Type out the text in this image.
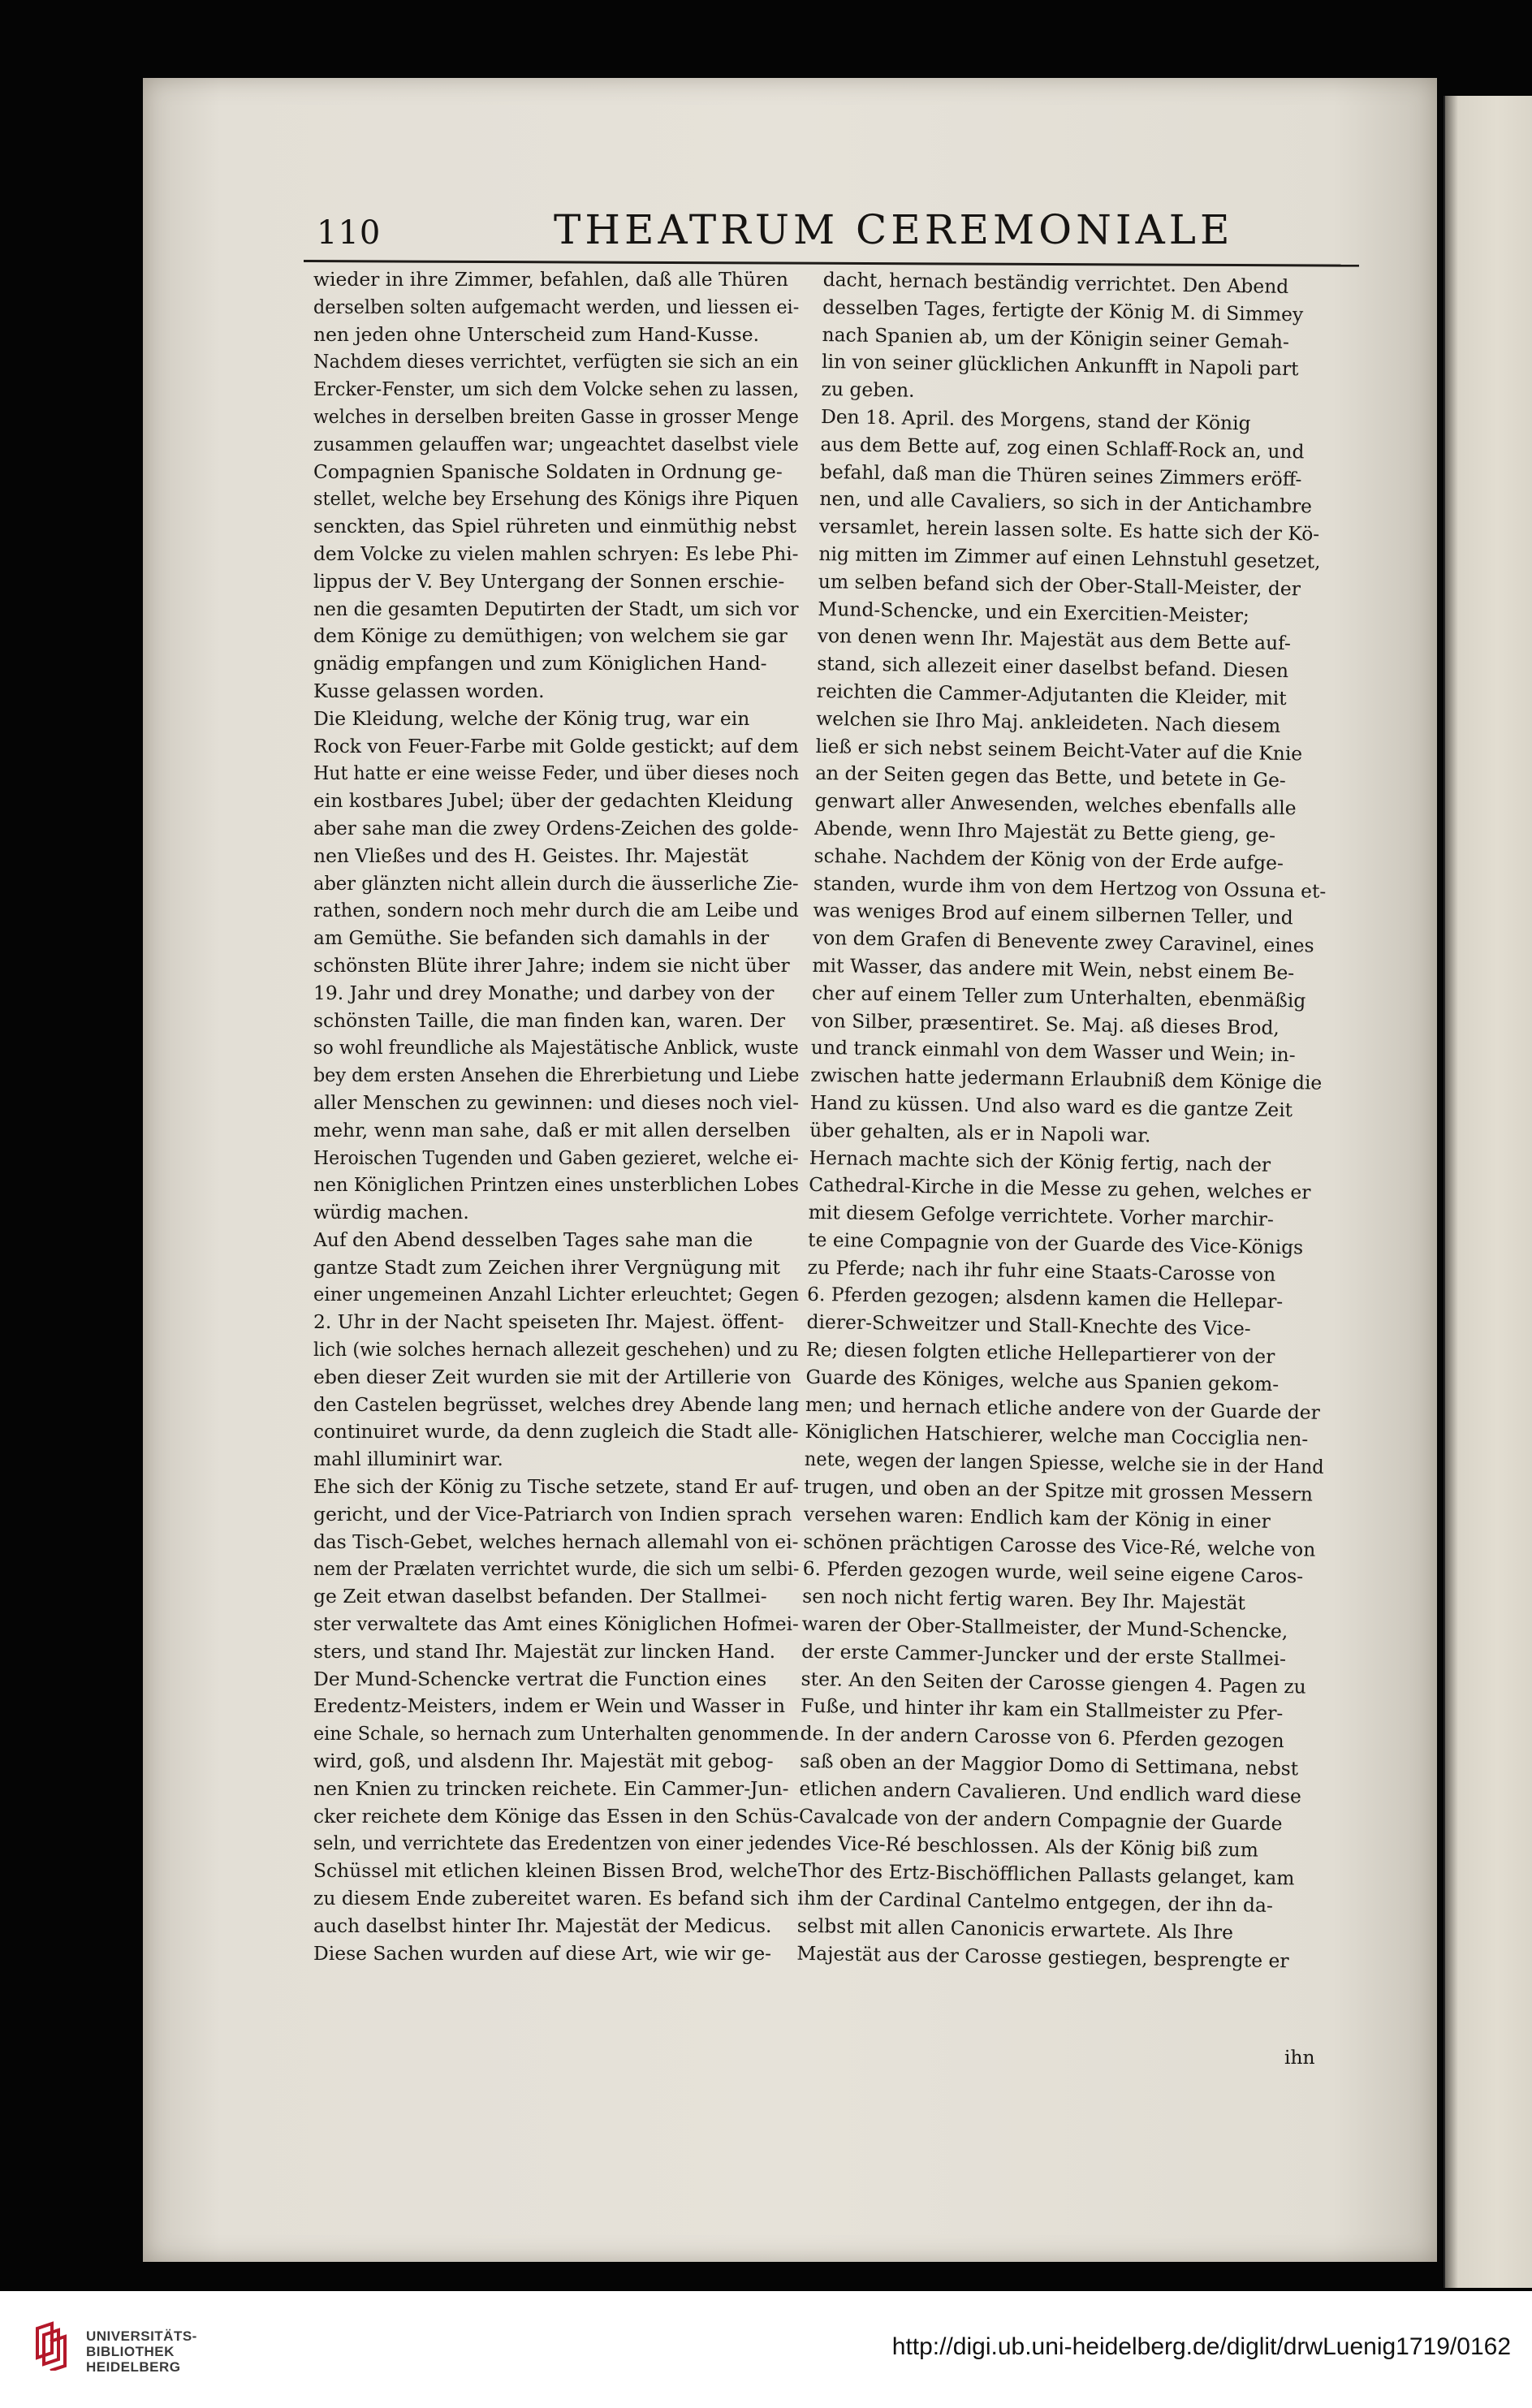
110	THEATRUM CEREMONIALE
wieder in ihre Zimmer, befahlen, daß alle Thüren
derselben solten aufgemacht werden, und liessen ei-
nen jeden ohne Unterscheid zum Hand-Kusse.
Nachdem dieses verrichtet, verfügten sie sich an ein
Ercker-Fenster, um sich dem Volcke sehen zu lassen,
welches in derselben breiten Gasse in grosser Menge
zusammen gelauffen war; ungeachtet daselbst viele
Compagnien Spanische Soldaten in Ordnung ge-
stellet, welche bey Ersehung des Königs ihre Piquen
senckten, das Spiel rühreten und einmüthig nebst
dem Volcke zu vielen mahlen schryen: Es lebe Phi-
lippus der V. Bey Untergang der Sonnen erschie-
nen die gesamten Deputirten der Stadt, um sich vor
dem Könige zu demüthigen; von welchem sie gar
gnädig empfangen und zum Königlichen Hand-
Kusse gelassen worden.
Die Kleidung, welche der König trug, war ein
Rock von Feuer-Farbe mit Golde gestickt; auf dem
Hut hatte er eine weisse Feder, und über dieses noch
ein kostbares Jubel; über der gedachten Kleidung
aber sahe man die zwey Ordens-Zeichen des golde-
nen Vließes und des H. Geistes. Ihr. Majestät
aber glänzten nicht allein durch die äusserliche Zie-
rathen, sondern noch mehr durch die am Leibe und
am Gemüthe. Sie befanden sich damahls in der
schönsten Blüte ihrer Jahre; indem sie nicht über
19. Jahr und drey Monathe; und darbey von der
schönsten Taille, die man finden kan, waren. Der
so wohl freundliche als Majestätische Anblick, wuste
bey dem ersten Ansehen die Ehrerbietung und Liebe
aller Menschen zu gewinnen: und dieses noch viel-
mehr, wenn man sahe, daß er mit allen derselben
Heroischen Tugenden und Gaben gezieret, welche ei-
nen Königlichen Printzen eines unsterblichen Lobes
würdig machen.
Auf den Abend desselben Tages sahe man die
gantze Stadt zum Zeichen ihrer Vergnügung mit
einer ungemeinen Anzahl Lichter erleuchtet; Gegen
2. Uhr in der Nacht speiseten Ihr. Majest. öffent-
lich (wie solches hernach allezeit geschehen) und zu
eben dieser Zeit wurden sie mit der Artillerie von
den Castelen begrüsset, welches drey Abende lang
continuiret wurde, da denn zugleich die Stadt alle-
mahl illuminirt war.
Ehe sich der König zu Tische setzete, stand Er auf-
gericht, und der Vice-Patriarch von Indien sprach
das Tisch-Gebet, welches hernach allemahl von ei-
nem der Prælaten verrichtet wurde, die sich um selbi-
ge Zeit etwan daselbst befanden. Der Stallmei-
ster verwaltete das Amt eines Königlichen Hofmei-
sters, und stand Ihr. Majestät zur lincken Hand.
Der Mund-Schencke vertrat die Function eines
Eredentz-Meisters, indem er Wein und Wasser in
eine Schale, so hernach zum Unterhalten genommen
wird, goß, und alsdenn Ihr. Majestät mit gebog-
nen Knien zu trincken reichete. Ein Cammer-Jun-
cker reichete dem Könige das Essen in den Schüs-
seln, und verrichtete das Eredentzen von einer jeden
Schüssel mit etlichen kleinen Bissen Brod, welche
zu diesem Ende zubereitet waren. Es befand sich
auch daselbst hinter Ihr. Majestät der Medicus.
Diese Sachen wurden auf diese Art, wie wir ge-
dacht, hernach beständig verrichtet. Den Abend
desselben Tages, fertigte der König M. di Simmey
nach Spanien ab, um der Königin seiner Gemah-
lin von seiner glücklichen Ankunfft in Napoli part
zu geben.
Den 18. April. des Morgens, stand der König
aus dem Bette auf, zog einen Schlaff-Rock an, und
befahl, daß man die Thüren seines Zimmers eröff-
nen, und alle Cavaliers, so sich in der Antichambre
versamlet, herein lassen solte. Es hatte sich der Kö-
nig mitten im Zimmer auf einen Lehnstuhl gesetzet,
um selben befand sich der Ober-Stall-Meister, der
Mund-Schencke, und ein Exercitien-Meister;
von denen wenn Ihr. Majestät aus dem Bette auf-
stand, sich allezeit einer daselbst befand. Diesen
reichten die Cammer-Adjutanten die Kleider, mit
welchen sie Ihro Maj. ankleideten. Nach diesem
ließ er sich nebst seinem Beicht-Vater auf die Knie
an der Seiten gegen das Bette, und betete in Ge-
genwart aller Anwesenden, welches ebenfalls alle
Abende, wenn Ihro Majestät zu Bette gieng, ge-
schahe. Nachdem der König von der Erde aufge-
standen, wurde ihm von dem Hertzog von Ossuna et-
was weniges Brod auf einem silbernen Teller, und
von dem Grafen di Benevente zwey Caravinel, eines
mit Wasser, das andere mit Wein, nebst einem Be-
cher auf einem Teller zum Unterhalten, ebenmäßig
von Silber, præsentiret. Se. Maj. aß dieses Brod,
und tranck einmahl von dem Wasser und Wein; in-
zwischen hatte jedermann Erlaubniß dem Könige die
Hand zu küssen. Und also ward es die gantze Zeit
über gehalten, als er in Napoli war.
Hernach machte sich der König fertig, nach der
Cathedral-Kirche in die Messe zu gehen, welches er
mit diesem Gefolge verrichtete. Vorher marchir-
te eine Compagnie von der Guarde des Vice-Königs
zu Pferde; nach ihr fuhr eine Staats-Carosse von
6. Pferden gezogen; alsdenn kamen die Hellepar-
dierer-Schweitzer und Stall-Knechte des Vice-
Re; diesen folgten etliche Hellepartierer von der
Guarde des Königes, welche aus Spanien gekom-
men; und hernach etliche andere von der Guarde der
Königlichen Hatschierer, welche man Cocciglia nen-
nete, wegen der langen Spiesse, welche sie in der Hand
trugen, und oben an der Spitze mit grossen Messern
versehen waren: Endlich kam der König in einer
schönen prächtigen Carosse des Vice-Ré, welche von
6. Pferden gezogen wurde, weil seine eigene Caros-
sen noch nicht fertig waren. Bey Ihr. Majestät
waren der Ober-Stallmeister, der Mund-Schencke,
der erste Cammer-Juncker und der erste Stallmei-
ster. An den Seiten der Carosse giengen 4. Pagen zu
Fuße, und hinter ihr kam ein Stallmeister zu Pfer-
de. In der andern Carosse von 6. Pferden gezogen
saß oben an der Maggior Domo di Settimana, nebst
etlichen andern Cavalieren. Und endlich ward diese
Cavalcade von der andern Compagnie der Guarde
des Vice-Ré beschlossen. Als der König biß zum
Thor des Ertz-Bischöfflichen Pallasts gelanget, kam
ihm der Cardinal Cantelmo entgegen, der ihn da-
selbst mit allen Canonicis erwartete. Als Ihre
Majestät aus der Carosse gestiegen, besprengte er
ihn
UNIVERSITÄTS-
BIBLIOTHEK
HEIDELBERG
http://digi.ub.uni-heidelberg.de/diglit/drwLuenig1719/0162
